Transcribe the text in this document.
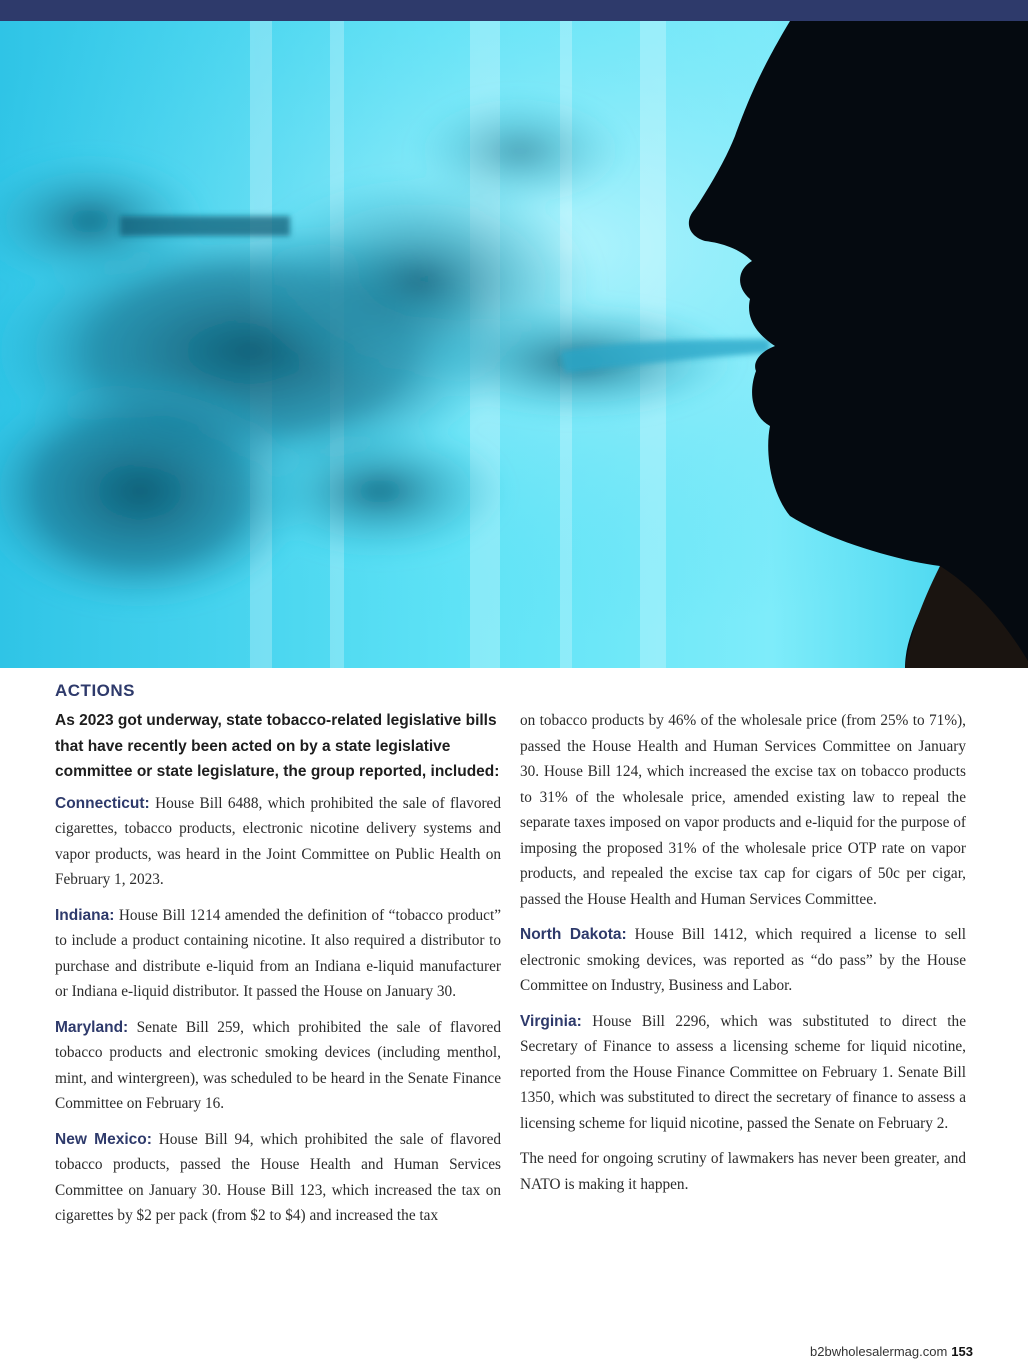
ACTIONS

As 2023 got underway, state tobacco-related legislative bills that have recently been acted on by a state legislative committee or state legislature, the group reported, included:

Connecticut: House Bill 6488, which prohibited the sale of flavored cigarettes, tobacco products, electronic nicotine delivery systems and vapor products, was heard in the Joint Committee on Public Health on February 1, 2023.

Indiana: House Bill 1214 amended the definition of “tobacco product” to include a product containing nicotine. It also required a distributor to purchase and distribute e-liquid from an Indiana e-liquid manufacturer or Indiana e-liquid distributor. It passed the House on January 30.

Maryland: Senate Bill 259, which prohibited the sale of flavored tobacco products and electronic smoking devices (including menthol, mint, and wintergreen), was scheduled to be heard in the Senate Finance Committee on February 16.

New Mexico: House Bill 94, which prohibited the sale of flavored tobacco products, passed the House Health and Human Services Committee on January 30. House Bill 123, which increased the tax on cigarettes by $2 per pack (from $2 to $4) and increased the tax

on tobacco products by 46% of the wholesale price (from 25% to 71%), passed the House Health and Human Services Committee on January 30. House Bill 124, which increased the excise tax on tobacco products to 31% of the wholesale price, amended existing law to repeal the separate taxes imposed on vapor products and e-liquid for the purpose of imposing the proposed 31% of the wholesale price OTP rate on vapor products, and repealed the excise tax cap for cigars of 50c per cigar, passed the House Health and Human Services Committee.

North Dakota: House Bill 1412, which required a license to sell electronic smoking devices, was reported as “do pass” by the House Committee on Industry, Business and Labor.

Virginia: House Bill 2296, which was substituted to direct the Secretary of Finance to assess a licensing scheme for liquid nicotine, reported from the House Finance Committee on February 1. Senate Bill 1350, which was substituted to direct the secretary of finance to assess a licensing scheme for liquid nicotine, passed the Senate on February 2.

The need for ongoing scrutiny of lawmakers has never been greater, and NATO is making it happen.

b2bwholesalermag.com 153
